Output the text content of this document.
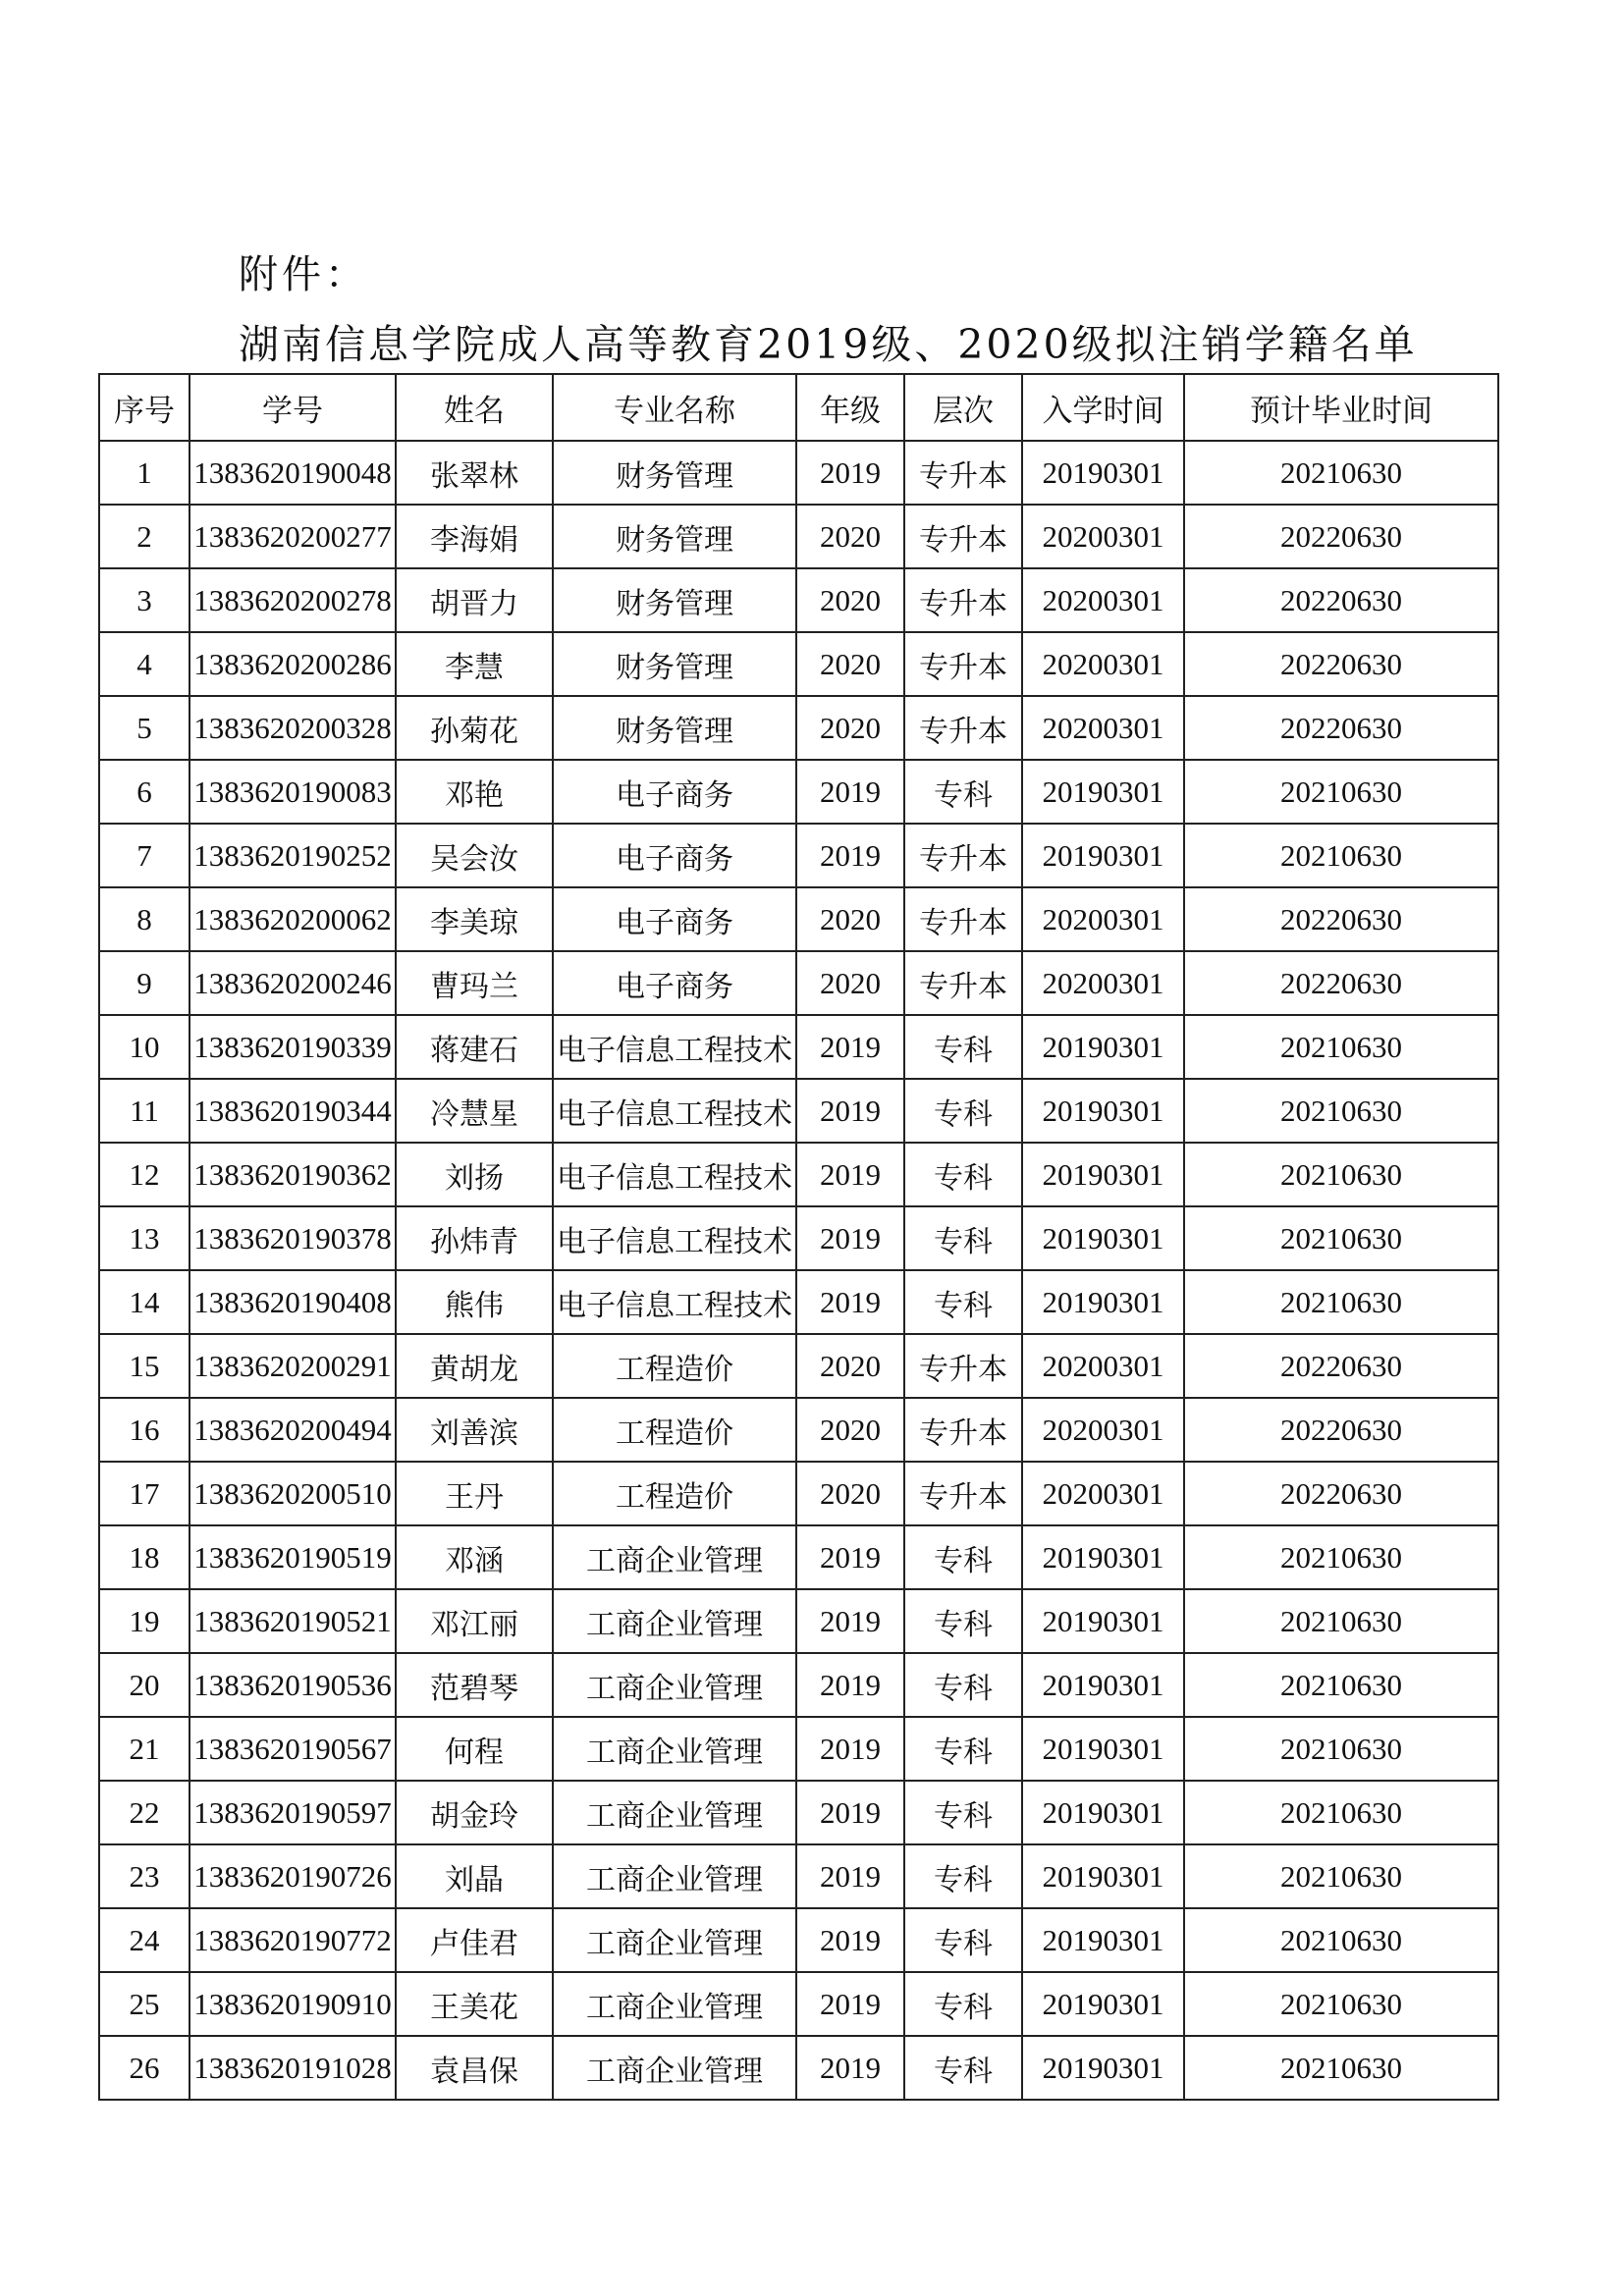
附件：
湖南信息学院成人高等教育2019级、2020级拟注销学籍名单
序号	学号	姓名	专业名称	年级	层次	入学时间	预计毕业时间
1	1383620190048	张翠林	财务管理	2019	专升本	20190301	20210630
2	1383620200277	李海娟	财务管理	2020	专升本	20200301	20220630
3	1383620200278	胡晋力	财务管理	2020	专升本	20200301	20220630
4	1383620200286	李慧	财务管理	2020	专升本	20200301	20220630
5	1383620200328	孙菊花	财务管理	2020	专升本	20200301	20220630
6	1383620190083	邓艳	电子商务	2019	专科	20190301	20210630
7	1383620190252	吴会汝	电子商务	2019	专升本	20190301	20210630
8	1383620200062	李美琼	电子商务	2020	专升本	20200301	20220630
9	1383620200246	曹玛兰	电子商务	2020	专升本	20200301	20220630
10	1383620190339	蒋建石	电子信息工程技术	2019	专科	20190301	20210630
11	1383620190344	冷慧星	电子信息工程技术	2019	专科	20190301	20210630
12	1383620190362	刘扬	电子信息工程技术	2019	专科	20190301	20210630
13	1383620190378	孙炜青	电子信息工程技术	2019	专科	20190301	20210630
14	1383620190408	熊伟	电子信息工程技术	2019	专科	20190301	20210630
15	1383620200291	黄胡龙	工程造价	2020	专升本	20200301	20220630
16	1383620200494	刘善滨	工程造价	2020	专升本	20200301	20220630
17	1383620200510	王丹	工程造价	2020	专升本	20200301	20220630
18	1383620190519	邓涵	工商企业管理	2019	专科	20190301	20210630
19	1383620190521	邓江丽	工商企业管理	2019	专科	20190301	20210630
20	1383620190536	范碧琴	工商企业管理	2019	专科	20190301	20210630
21	1383620190567	何程	工商企业管理	2019	专科	20190301	20210630
22	1383620190597	胡金玲	工商企业管理	2019	专科	20190301	20210630
23	1383620190726	刘晶	工商企业管理	2019	专科	20190301	20210630
24	1383620190772	卢佳君	工商企业管理	2019	专科	20190301	20210630
25	1383620190910	王美花	工商企业管理	2019	专科	20190301	20210630
26	1383620191028	袁昌保	工商企业管理	2019	专科	20190301	20210630
